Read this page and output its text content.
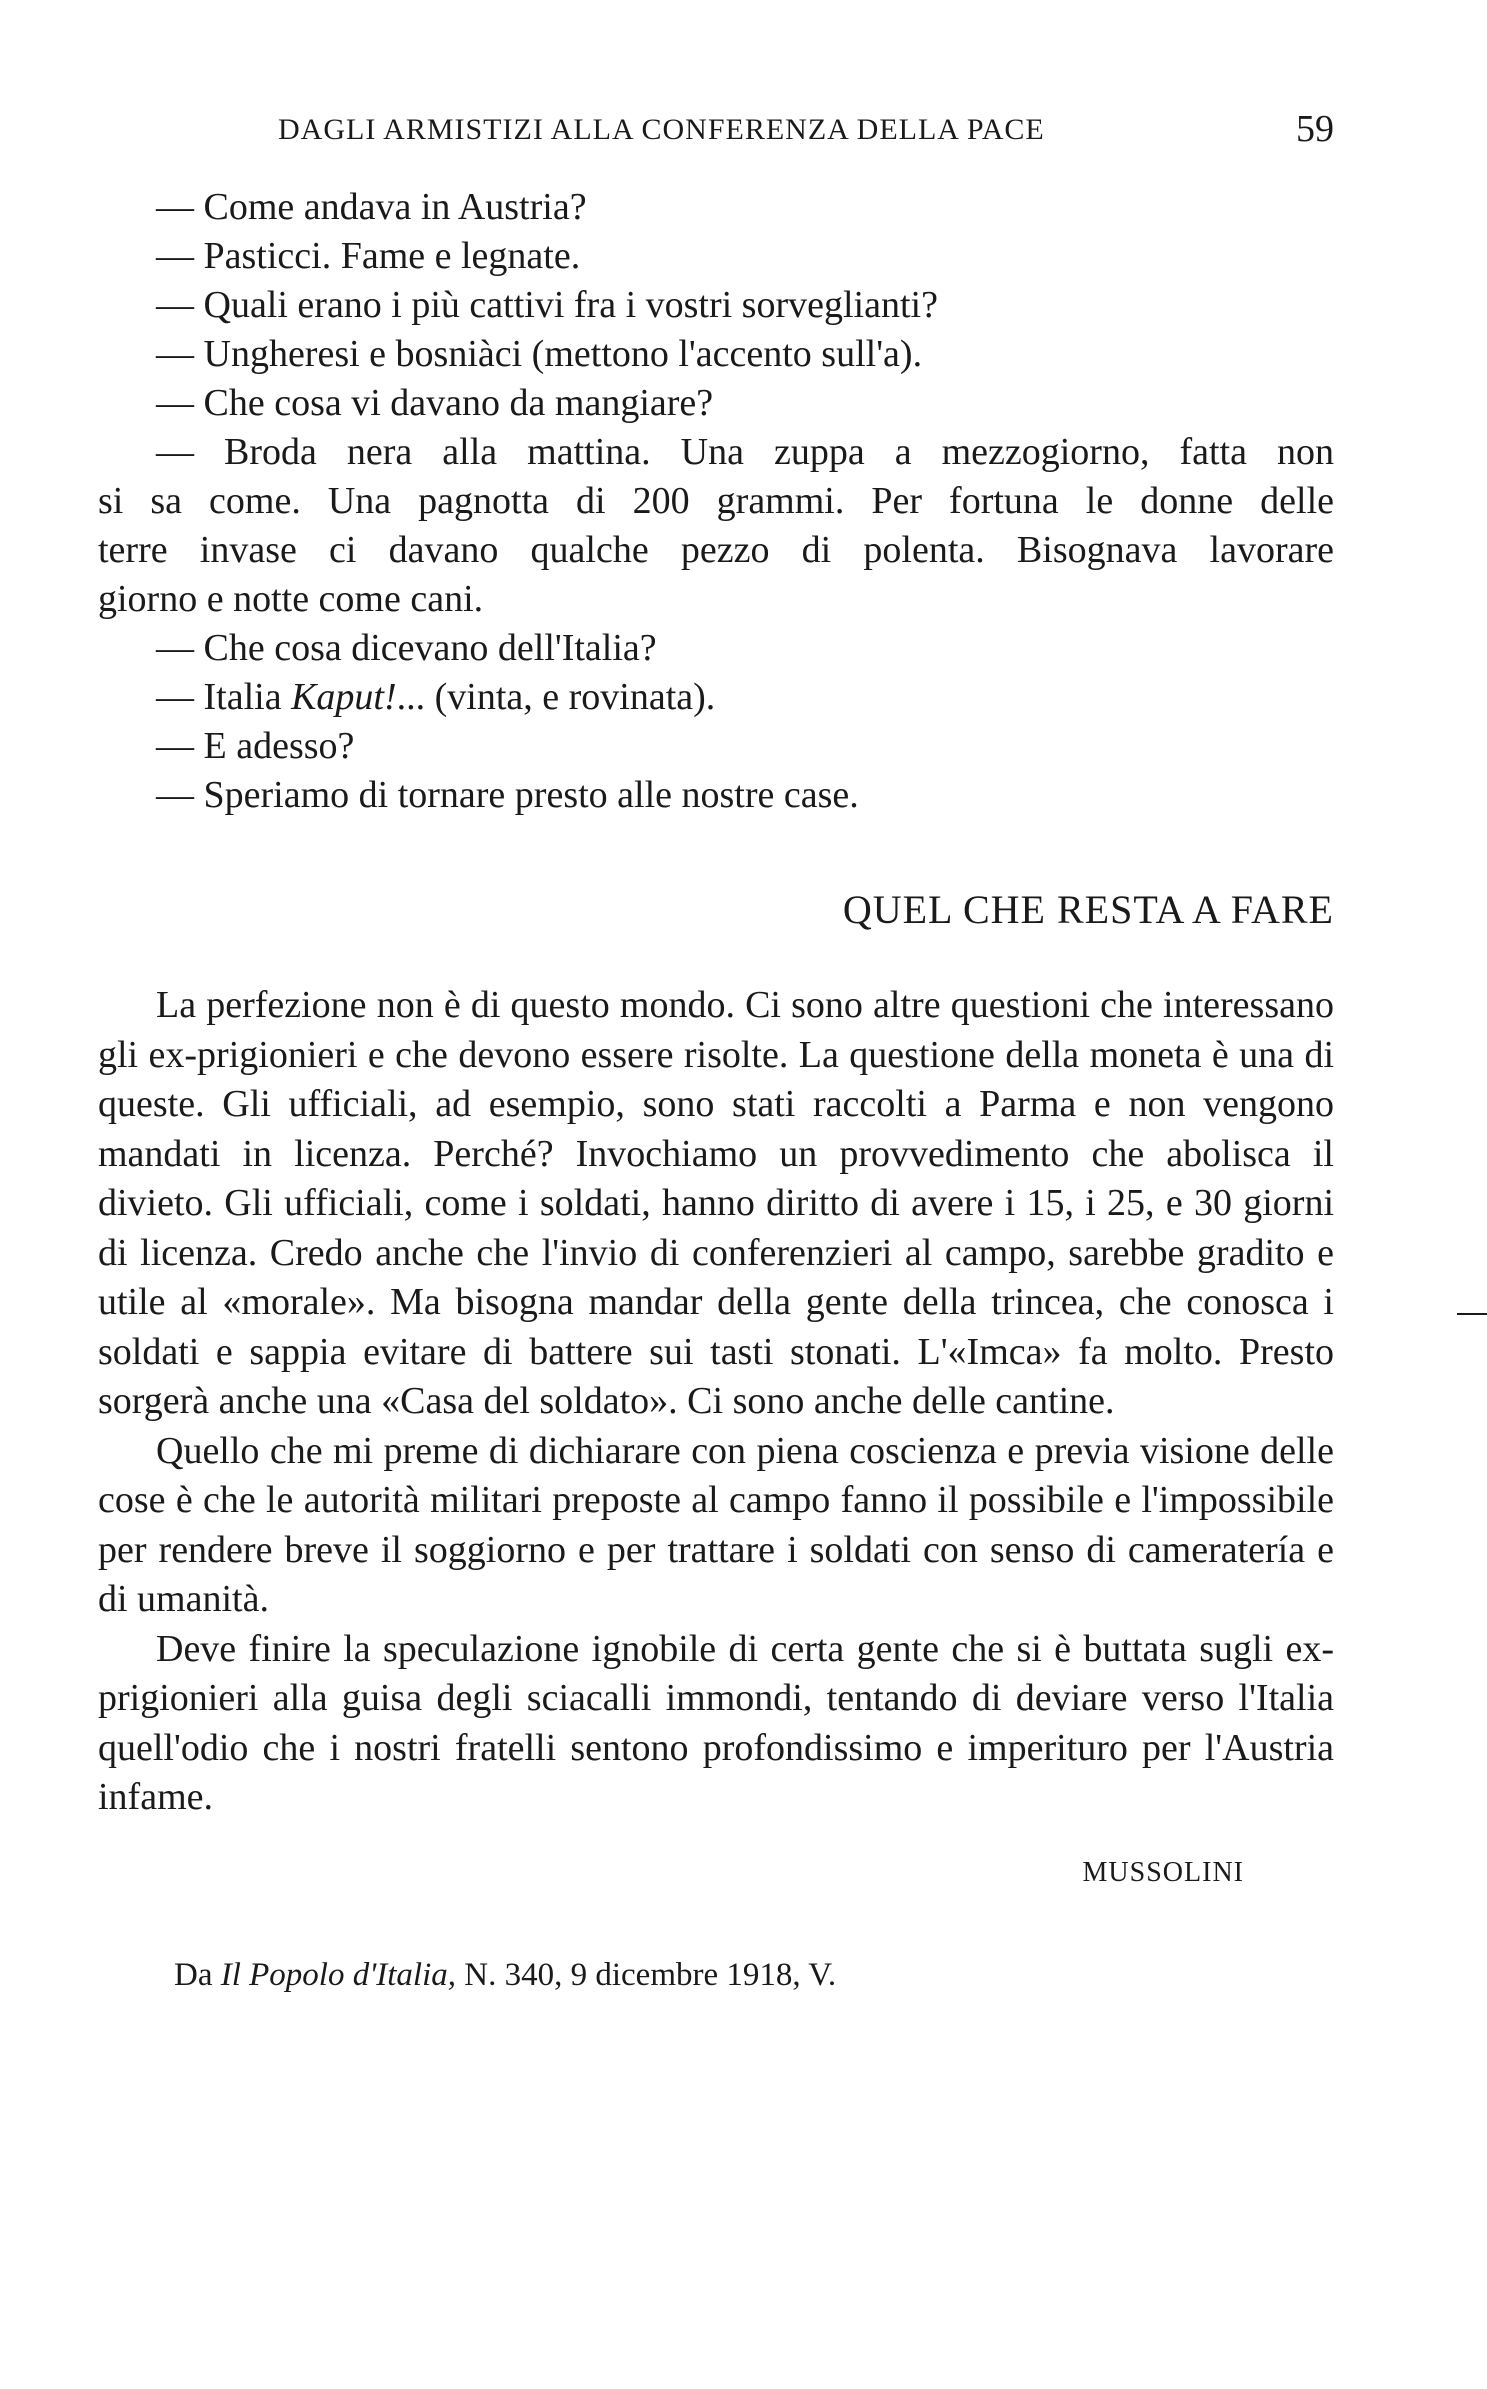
DAGLI ARMISTIZI ALLA CONFERENZA DELLA PACE	59
— Come andava in Austria?
— Pasticci. Fame e legnate.
— Quali erano i più cattivi fra i vostri sorveglianti?
— Ungheresi e bosniàci (mettono l'accento sull'a).
— Che cosa vi davano da mangiare?
— Broda nera alla mattina. Una zuppa a mezzogiorno, fatta non
si sa come. Una pagnotta di 200 grammi. Per fortuna le donne delle
terre invase ci davano qualche pezzo di polenta. Bisognava lavorare
giorno e notte come cani.
— Che cosa dicevano dell'Italia?
— Italia Kaput!... (vinta, e rovinata).
— E adesso?
— Speriamo di tornare presto alle nostre case.
QUEL CHE RESTA A FARE

La perfezione non è di questo mondo. Ci sono altre questioni che interessano gli ex-prigionieri e che devono essere risolte. La questione della moneta è una di queste. Gli ufficiali, ad esempio, sono stati raccolti a Parma e non vengono mandati in licenza. Perché? Invochiamo un provvedimento che abolisca il divieto. Gli ufficiali, come i soldati, hanno diritto di avere i 15, i 25, e 30 giorni di licenza. Credo anche che l'invio di conferenzieri al campo, sarebbe gradito e utile al «morale». Ma bisogna mandar della gente della trincea, che conosca i soldati e sappia evitare di battere sui tasti stonati. L'«Imca» fa molto. Presto sorgerà anche una «Casa del soldato». Ci sono anche delle cantine.

Quello che mi preme di dichiarare con piena coscienza e previa visione delle cose è che le autorità militari preposte al campo fanno il possibile e l'impossibile per rendere breve il soggiorno e per trattare i soldati con senso di cameratería e di umanità.

Deve finire la speculazione ignobile di certa gente che si è buttata sugli ex-prigionieri alla guisa degli sciacalli immondi, tentando di deviare verso l'Italia quell'odio che i nostri fratelli sentono profondissimo e imperituro per l'Austria infame.

MUSSOLINI
Da Il Popolo d'Italia, N. 340, 9 dicembre 1918, V.
